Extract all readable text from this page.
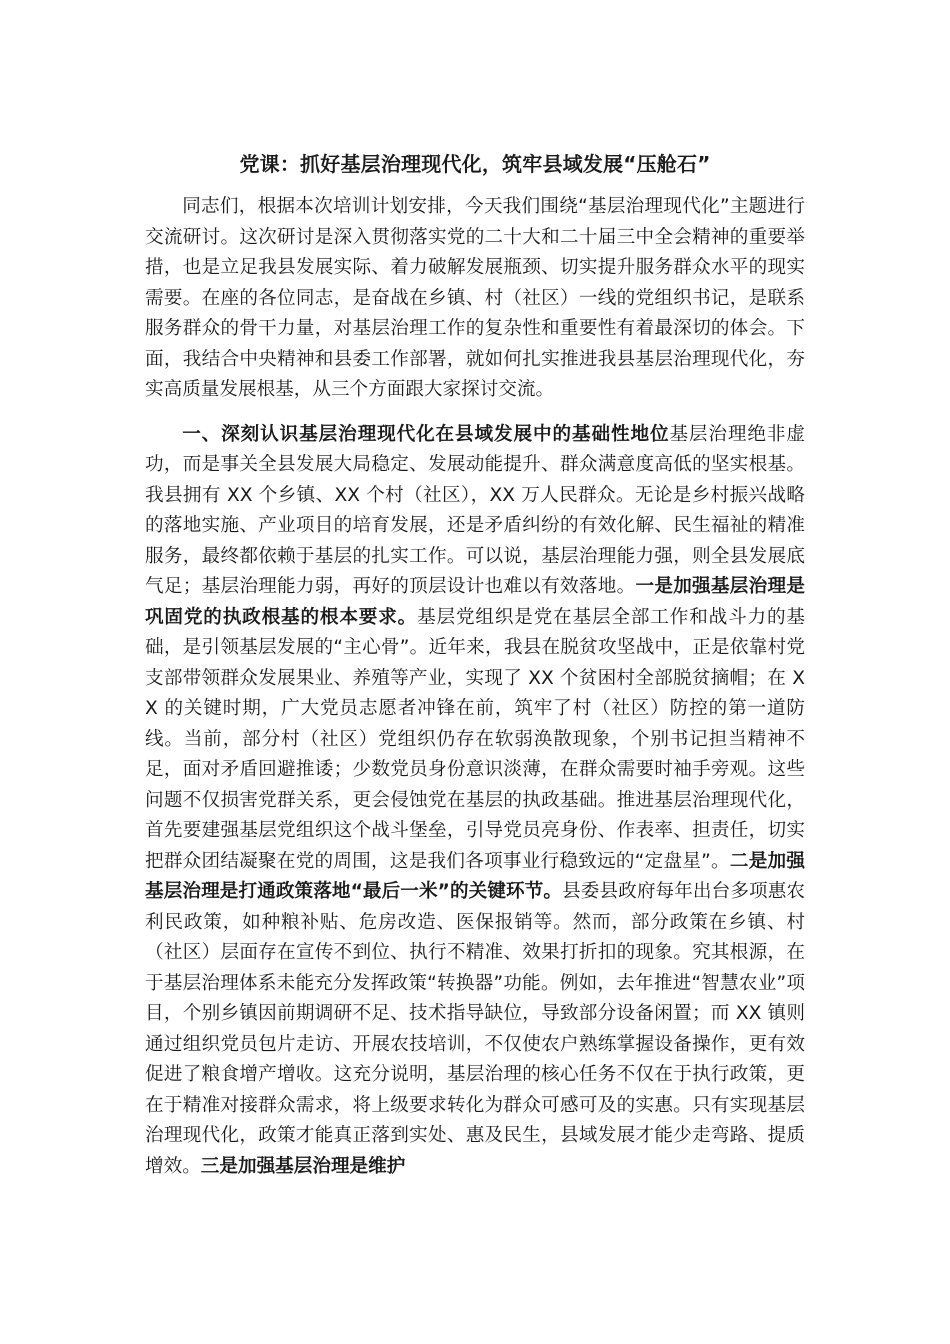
党课：抓好基层治理现代化，筑牢县域发展“压舱石”

同志们，根据本次培训计划安排，今天我们围绕“基层治理现代化”主题进行交流研讨。这次研讨是深入贯彻落实党的二十大和二十届三中全会精神的重要举措，也是立足我县发展实际、着力破解发展瓶颈、切实提升服务群众水平的现实需要。在座的各位同志，是奋战在乡镇、村（社区）一线的党组织书记，是联系服务群众的骨干力量，对基层治理工作的复杂性和重要性有着最深切的体会。下面，我结合中央精神和县委工作部署，就如何扎实推进我县基层治理现代化，夯实高质量发展根基，从三个方面跟大家探讨交流。

一、深刻认识基层治理现代化在县域发展中的基础性地位基层治理绝非虚功，而是事关全县发展大局稳定、发展动能提升、群众满意度高低的坚实根基。我县拥有 XX 个乡镇、XX 个村（社区），XX 万人民群众。无论是乡村振兴战略的落地实施、产业项目的培育发展，还是矛盾纠纷的有效化解、民生福祉的精准服务，最终都依赖于基层的扎实工作。可以说，基层治理能力强，则全县发展底气足；基层治理能力弱，再好的顶层设计也难以有效落地。一是加强基层治理是巩固党的执政根基的根本要求。基层党组织是党在基层全部工作和战斗力的基础，是引领基层发展的“主心骨”。近年来，我县在脱贫攻坚战中，正是依靠村党支部带领群众发展果业、养殖等产业，实现了 XX 个贫困村全部脱贫摘帽；在 XX 的关键时期，广大党员志愿者冲锋在前，筑牢了村（社区）防控的第一道防线。当前，部分村（社区）党组织仍存在软弱涣散现象，个别书记担当精神不足，面对矛盾回避推诿；少数党员身份意识淡薄，在群众需要时袖手旁观。这些问题不仅损害党群关系，更会侵蚀党在基层的执政基础。推进基层治理现代化，首先要建强基层党组织这个战斗堡垒，引导党员亮身份、作表率、担责任，切实把群众团结凝聚在党的周围，这是我们各项事业行稳致远的“定盘星”。二是加强基层治理是打通政策落地“最后一米”的关键环节。县委县政府每年出台多项惠农利民政策，如种粮补贴、危房改造、医保报销等。然而，部分政策在乡镇、村（社区）层面存在宣传不到位、执行不精准、效果打折扣的现象。究其根源，在于基层治理体系未能充分发挥政策“转换器”功能。例如，去年推进“智慧农业”项目，个别乡镇因前期调研不足、技术指导缺位，导致部分设备闲置；而 XX 镇则通过组织党员包片走访、开展农技培训，不仅使农户熟练掌握设备操作，更有效促进了粮食增产增收。这充分说明，基层治理的核心任务不仅在于执行政策，更在于精准对接群众需求，将上级要求转化为群众可感可及的实惠。只有实现基层治理现代化，政策才能真正落到实处、惠及民生，县域发展才能少走弯路、提质增效。三是加强基层治理是维护
